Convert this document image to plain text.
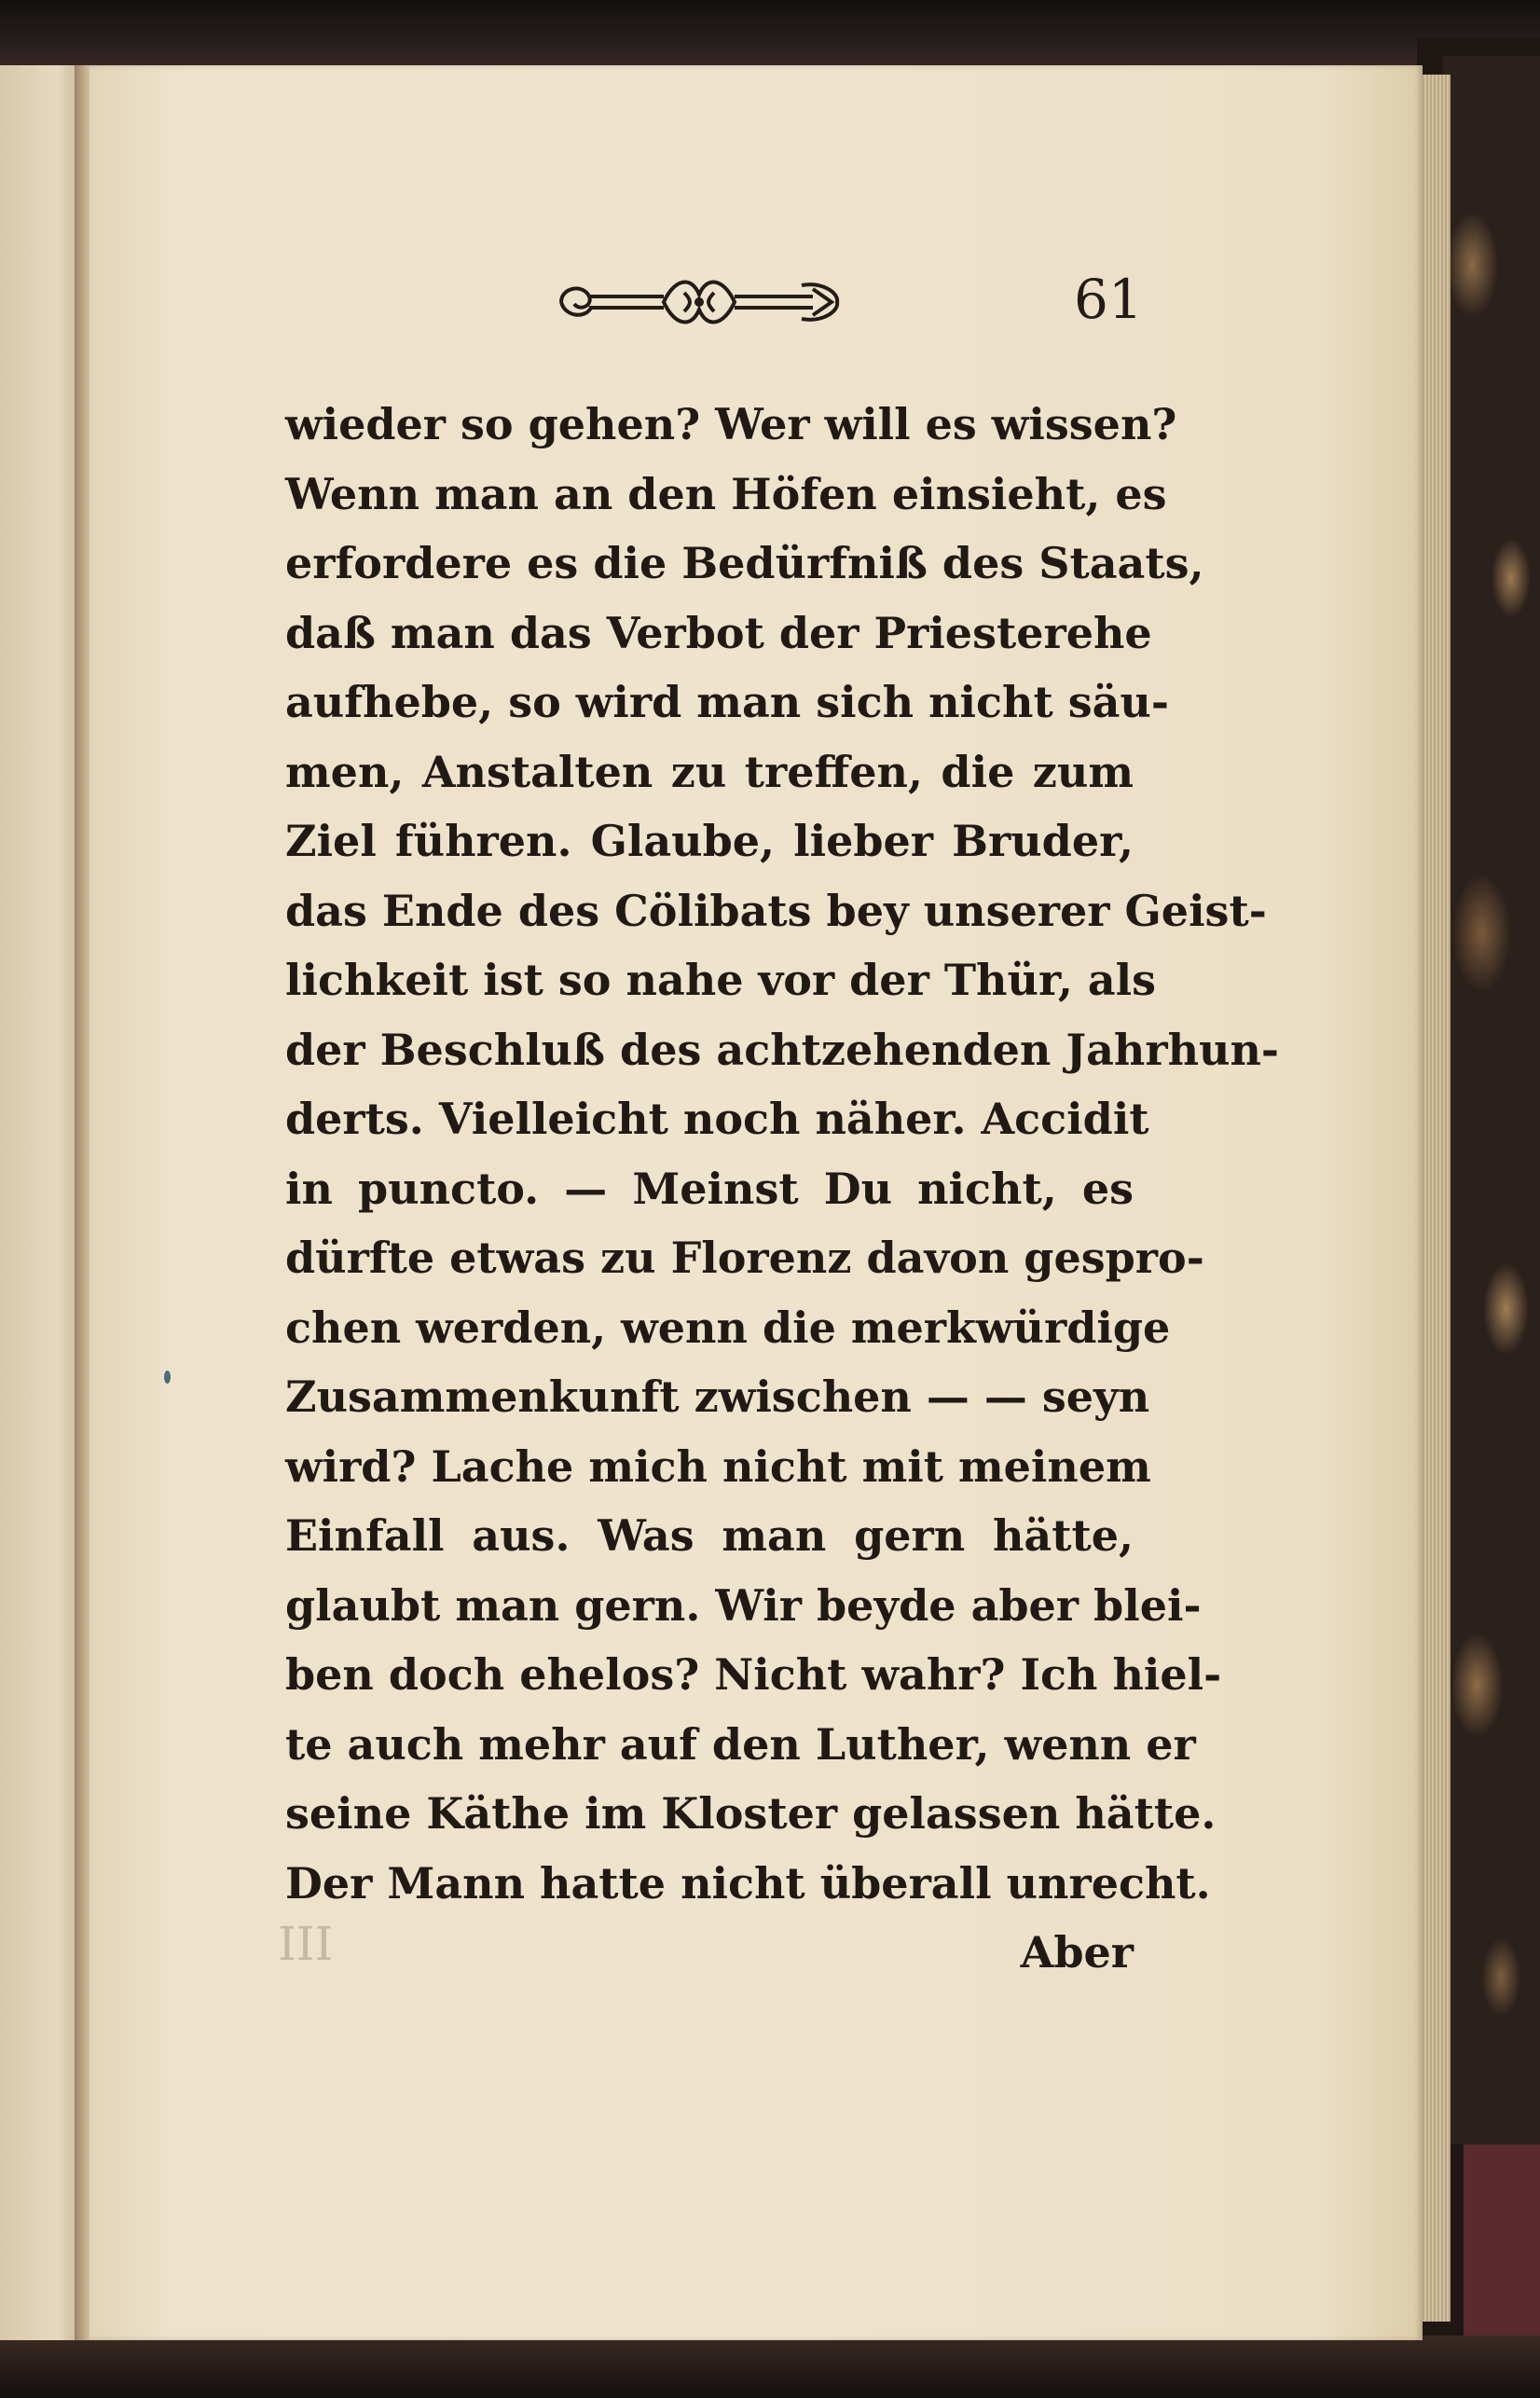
61
wieder so gehen? Wer will es wissen?
Wenn man an den Höfen einsieht, es
erfordere es die Bedürfniß des Staats,
daß man das Verbot der Priesterehe
aufhebe, so wird man sich nicht säu-
men, Anstalten zu treffen, die zum
Ziel führen. Glaube, lieber Bruder,
das Ende des Cölibats bey unserer Geist-
lichkeit ist so nahe vor der Thür, als
der Beschluß des achtzehenden Jahrhun-
derts. Vielleicht noch näher. Accidit
in puncto. — Meinst Du nicht, es
dürfte etwas zu Florenz davon gespro-
chen werden, wenn die merkwürdige
Zusammenkunft zwischen — — seyn
wird? Lache mich nicht mit meinem
Einfall aus. Was man gern hätte,
glaubt man gern. Wir beyde aber blei-
ben doch ehelos? Nicht wahr? Ich hiel-
te auch mehr auf den Luther, wenn er
seine Käthe im Kloster gelassen hätte.
Der Mann hatte nicht überall unrecht.
Aber
III
